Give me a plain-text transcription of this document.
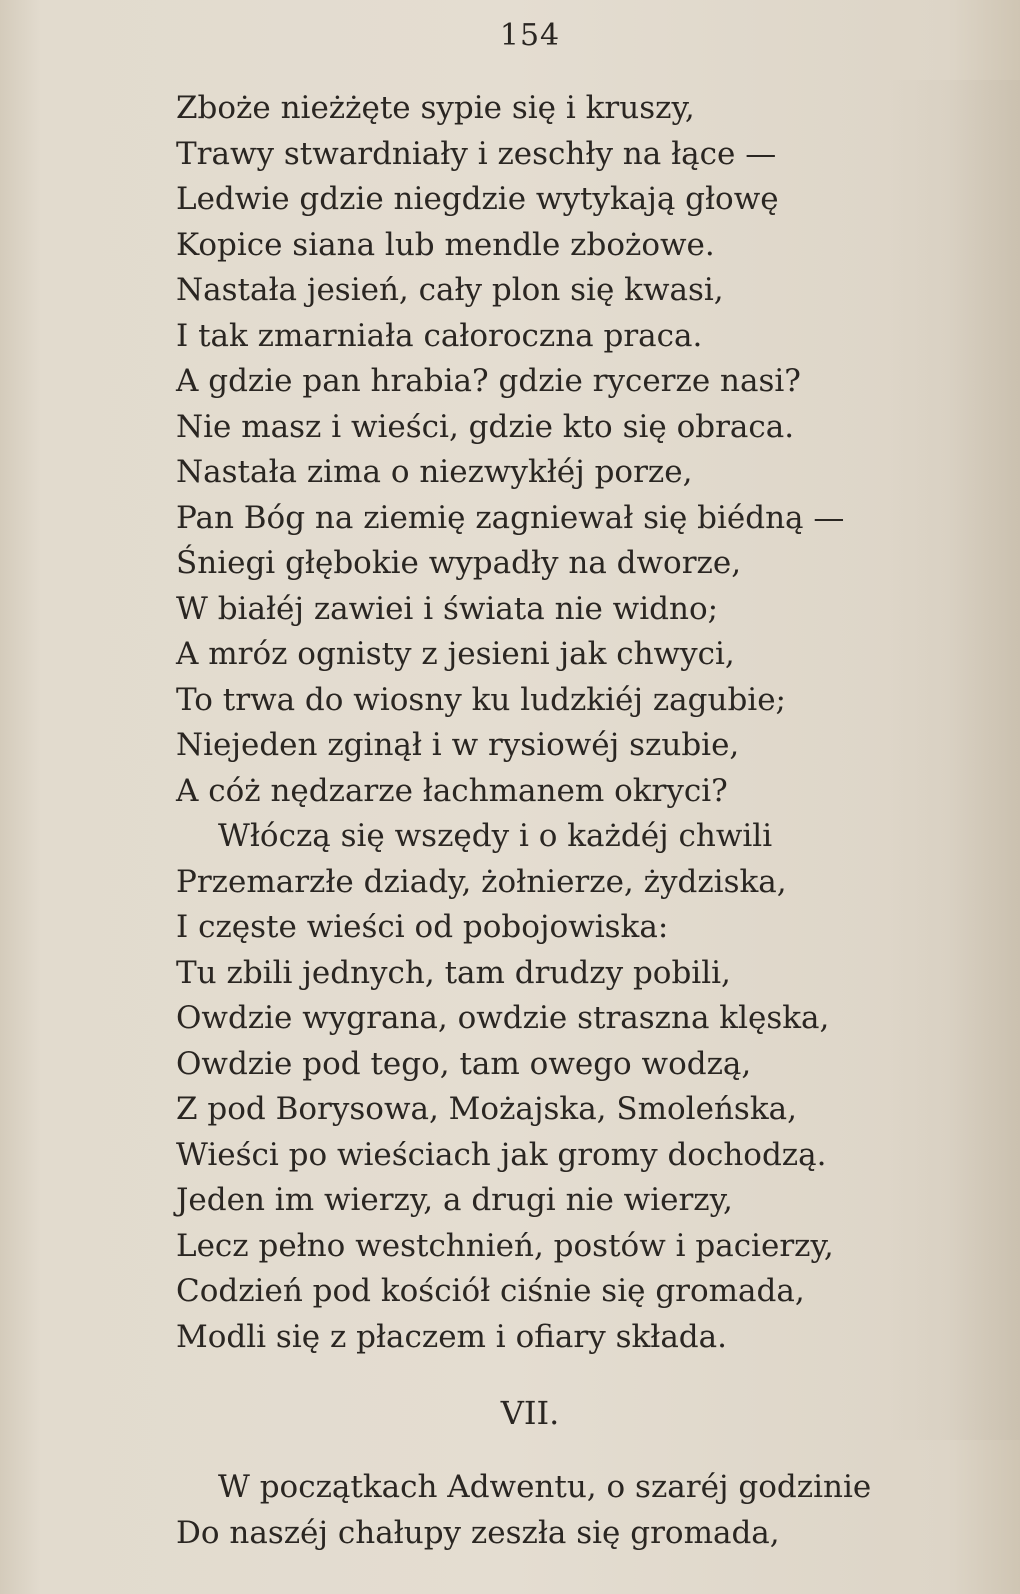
154
Zboże nieżżęte sypie się i kruszy,
Trawy stwardniały i zeschły na łące —
Ledwie gdzie niegdzie wytykają głowę
Kopice siana lub mendle zbożowe.
Nastała jesień, cały plon się kwasi,
I tak zmarniała całoroczna praca.
A gdzie pan hrabia? gdzie rycerze nasi?
Nie masz i wieści, gdzie kto się obraca.
Nastała zima o niezwykłéj porze,
Pan Bóg na ziemię zagniewał się biédną —
Śniegi głębokie wypadły na dworze,
W białéj zawiei i świata nie widno;
A mróz ognisty z jesieni jak chwyci,
To trwa do wiosny ku ludzkiéj zagubie;
Niejeden zginął i w rysiowéj szubie,
A cóż nędzarze łachmanem okryci?
Włóczą się wszędy i o każdéj chwili
Przemarzłe dziady, żołnierze, żydziska,
I częste wieści od pobojowiska:
Tu zbili jednych, tam drudzy pobili,
Owdzie wygrana, owdzie straszna klęska,
Owdzie pod tego, tam owego wodzą,
Z pod Borysowa, Możajska, Smoleńska,
Wieści po wieściach jak gromy dochodzą.
Jeden im wierzy, a drugi nie wierzy,
Lecz pełno westchnień, postów i pacierzy,
Codzień pod kościół ciśnie się gromada,
Modli się z płaczem i ofiary składa.
VII.
W początkach Adwentu, o szaréj godzinie
Do naszéj chałupy zeszła się gromada,
